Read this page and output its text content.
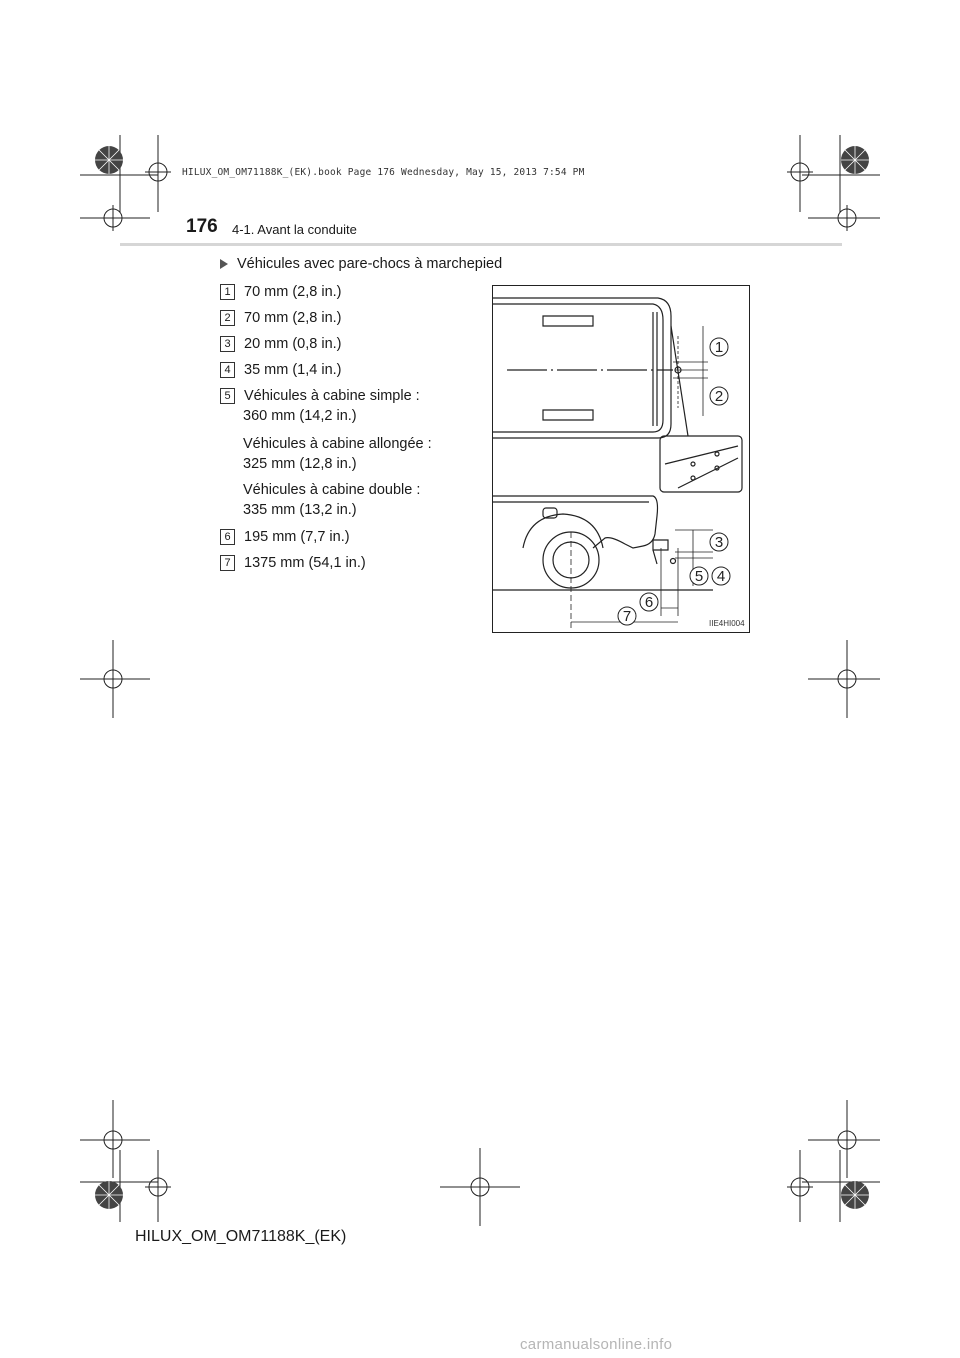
HILUX_OM_OM71188K_(EK).book Page 176 Wednesday, May 15, 2013 7:54 PM
176 4-1. Avant la conduite
Véhicules avec pare-chocs à marchepied
1 70 mm (2,8 in.)
2 70 mm (2,8 in.)
3 20 mm (0,8 in.)
4 35 mm (1,4 in.)
5 Véhicules à cabine simple :
360 mm (14,2 in.)
Véhicules à cabine allongée :
325 mm (12,8 in.)
Véhicules à cabine double :
335 mm (13,2 in.)
6 195 mm (7,7 in.)
7 1375 mm (54,1 in.)
1
2
3
4
5
6
7	IIE4HI004
HILUX_OM_OM71188K_(EK)
carmanualsonline.info
